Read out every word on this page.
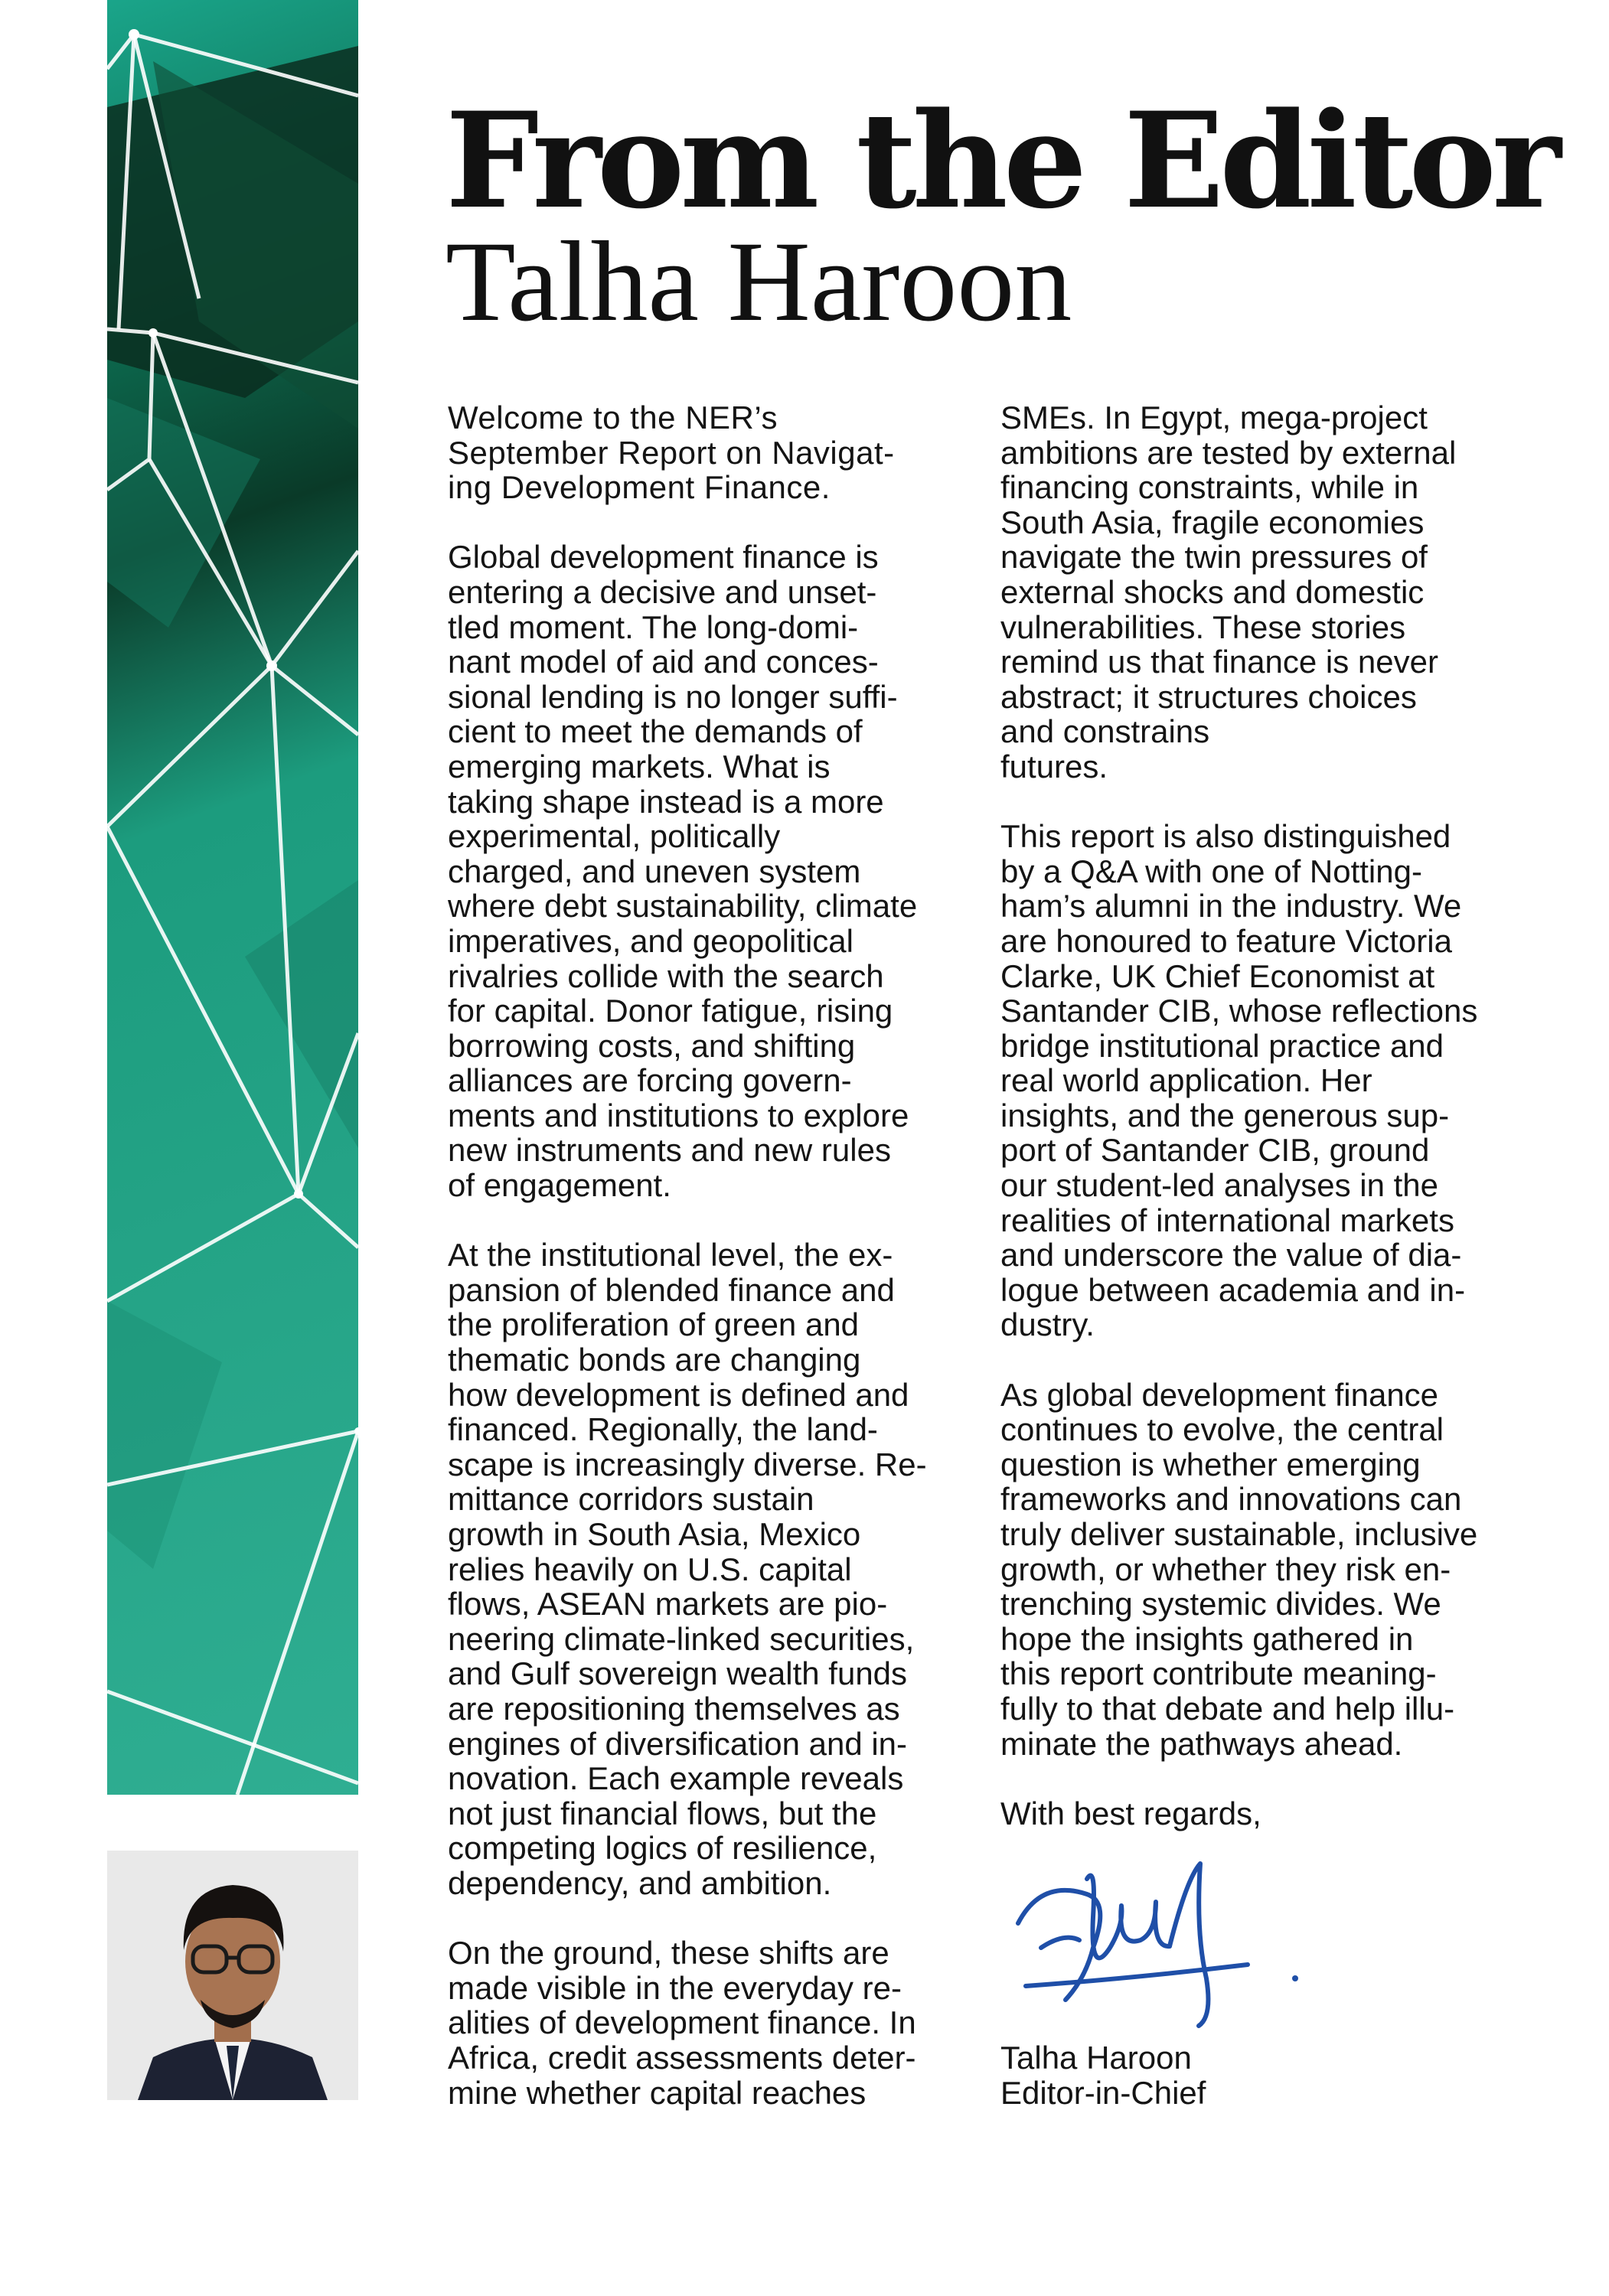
From the Editor
Talha Haroon

Welcome to the NER’s
September Report on Navigat-
ing Development Finance.

Global development finance is
entering a decisive and unset-
tled moment. The long-domi-
nant model of aid and conces-
sional lending is no longer suffi-
cient to meet the demands of
emerging markets. What is
taking shape instead is a more
experimental, politically
charged, and uneven system
where debt sustainability, climate
imperatives, and geopolitical
rivalries collide with the search
for capital. Donor fatigue, rising
borrowing costs, and shifting
alliances are forcing govern-
ments and institutions to explore
new instruments and new rules
of engagement.

At the institutional level, the ex-
pansion of blended finance and
the proliferation of green and
thematic bonds are changing
how development is defined and
financed. Regionally, the land-
scape is increasingly diverse. Re-
mittance corridors sustain
growth in South Asia, Mexico
relies heavily on U.S. capital
flows, ASEAN markets are pio-
neering climate-linked securities,
and Gulf sovereign wealth funds
are repositioning themselves as
engines of diversification and in-
novation. Each example reveals
not just financial flows, but the
competing logics of resilience,
dependency, and ambition.

On the ground, these shifts are
made visible in the everyday re-
alities of development finance. In
Africa, credit assessments deter-
mine whether capital reaches

SMEs. In Egypt, mega-project
ambitions are tested by external
financing constraints, while in
South Asia, fragile economies
navigate the twin pressures of
external shocks and domestic
vulnerabilities. These stories
remind us that finance is never
abstract; it structures choices
and constrains
futures.

This report is also distinguished
by a Q&A with one of Notting-
ham’s alumni in the industry. We
are honoured to feature Victoria
Clarke, UK Chief Economist at
Santander CIB, whose reflections
bridge institutional practice and
real world application. Her
insights, and the generous sup-
port of Santander CIB, ground
our student-led analyses in the
realities of international markets
and underscore the value of dia-
logue between academia and in-
dustry.

As global development finance
continues to evolve, the central
question is whether emerging
frameworks and innovations can
truly deliver sustainable, inclusive
growth, or whether they risk en-
trenching systemic divides. We
hope the insights gathered in
this report contribute meaning-
fully to that debate and help illu-
minate the pathways ahead.

With best regards,

Talha Haroon
Editor-in-Chief
